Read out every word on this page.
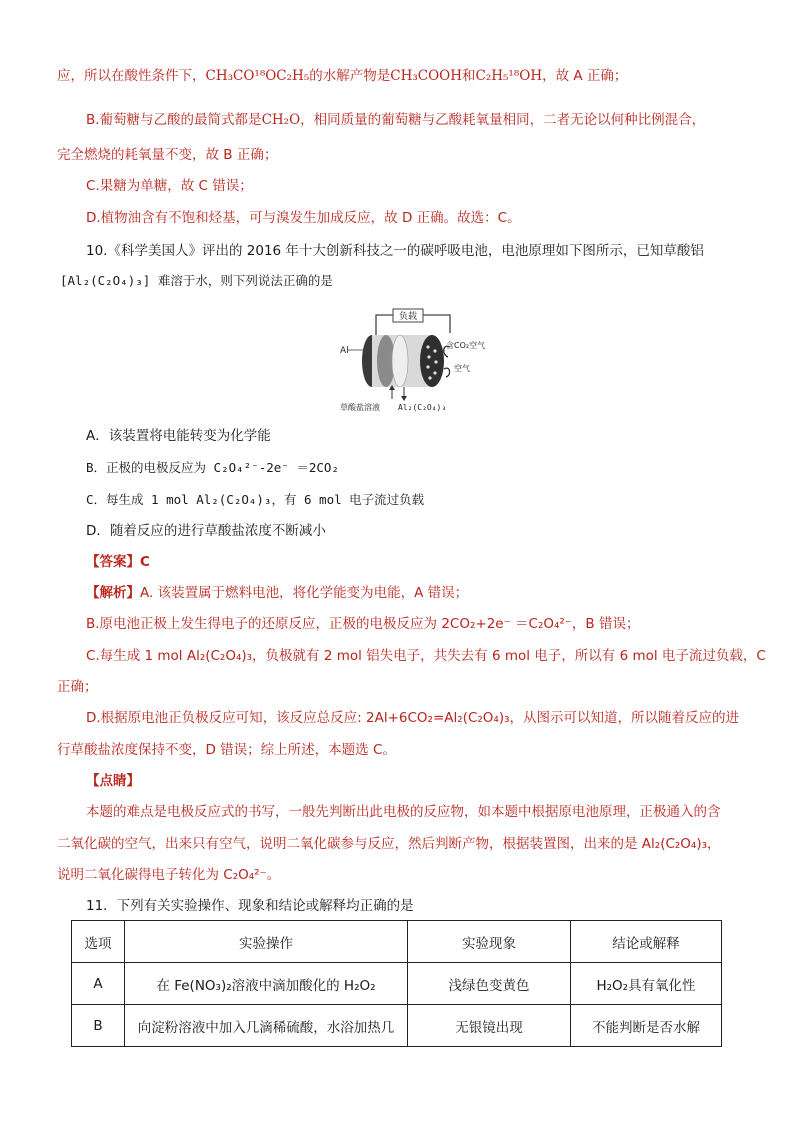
应，所以在酸性条件下，CH₃CO¹⁸OC₂H₅的水解产物是CH₃COOH和C₂H₅¹⁸OH，故 A 正确；
B.葡萄糖与乙酸的最简式都是CH₂O，相同质量的葡萄糖与乙酸耗氧量相同，二者无论以何种比例混合，
完全燃烧的耗氧量不变，故 B 正确；
C.果糖为单糖，故 C 错误；
D.植物油含有不饱和烃基，可与溴发生加成反应，故 D 正确。故选：C。
10.《科学美国人》评出的 2016 年十大创新科技之一的碳呼吸电池，电池原理如下图所示，已知草酸铝
[Al₂(C₂O₄)₃] 难溶于水，则下列说法正确的是
负载
Al
含CO₂空气
空气
草酸盐溶液 Al₂(C₂O₄)₃
A．该装置将电能转变为化学能
B．正极的电极反应为 C₂O₄²⁻-2e⁻ ＝2CO₂
C．每生成 1 mol Al₂(C₂O₄)₃，有 6 mol 电子流过负载
D．随着反应的进行草酸盐浓度不断减小
【答案】C
【解析】A. 该装置属于燃料电池，将化学能变为电能，A 错误；
B.原电池正极上发生得电子的还原反应，正极的电极反应为 2CO₂+2e⁻ ＝C₂O₄²⁻，B 错误；
C.每生成 1 mol Al₂(C₂O₄)₃，负极就有 2 mol 铝失电子，共失去有 6 mol 电子，所以有 6 mol 电子流过负载，C
正确；
D.根据原电池正负极反应可知，该反应总反应: 2Al+6CO₂=Al₂(C₂O₄)₃，从图示可以知道，所以随着反应的进
行草酸盐浓度保持不变，D 错误；综上所述，本题选 C。
【点睛】
本题的难点是电极反应式的书写，一般先判断出此电极的反应物，如本题中根据原电池原理，正极通入的含
二氧化碳的空气，出来只有空气，说明二氧化碳参与反应，然后判断产物，根据装置图，出来的是 Al₂(C₂O₄)₃，
说明二氧化碳得电子转化为 C₂O₄²⁻。
11．下列有关实验操作、现象和结论或解释均正确的是
选项	实验操作	实验现象	结论或解释
A	在 Fe(NO₃)₂溶液中滴加酸化的 H₂O₂	浅绿色变黄色	H₂O₂具有氧化性
B	向淀粉溶液中加入几滴稀硫酸，水浴加热几	无银镜出现	不能判断是否水解
